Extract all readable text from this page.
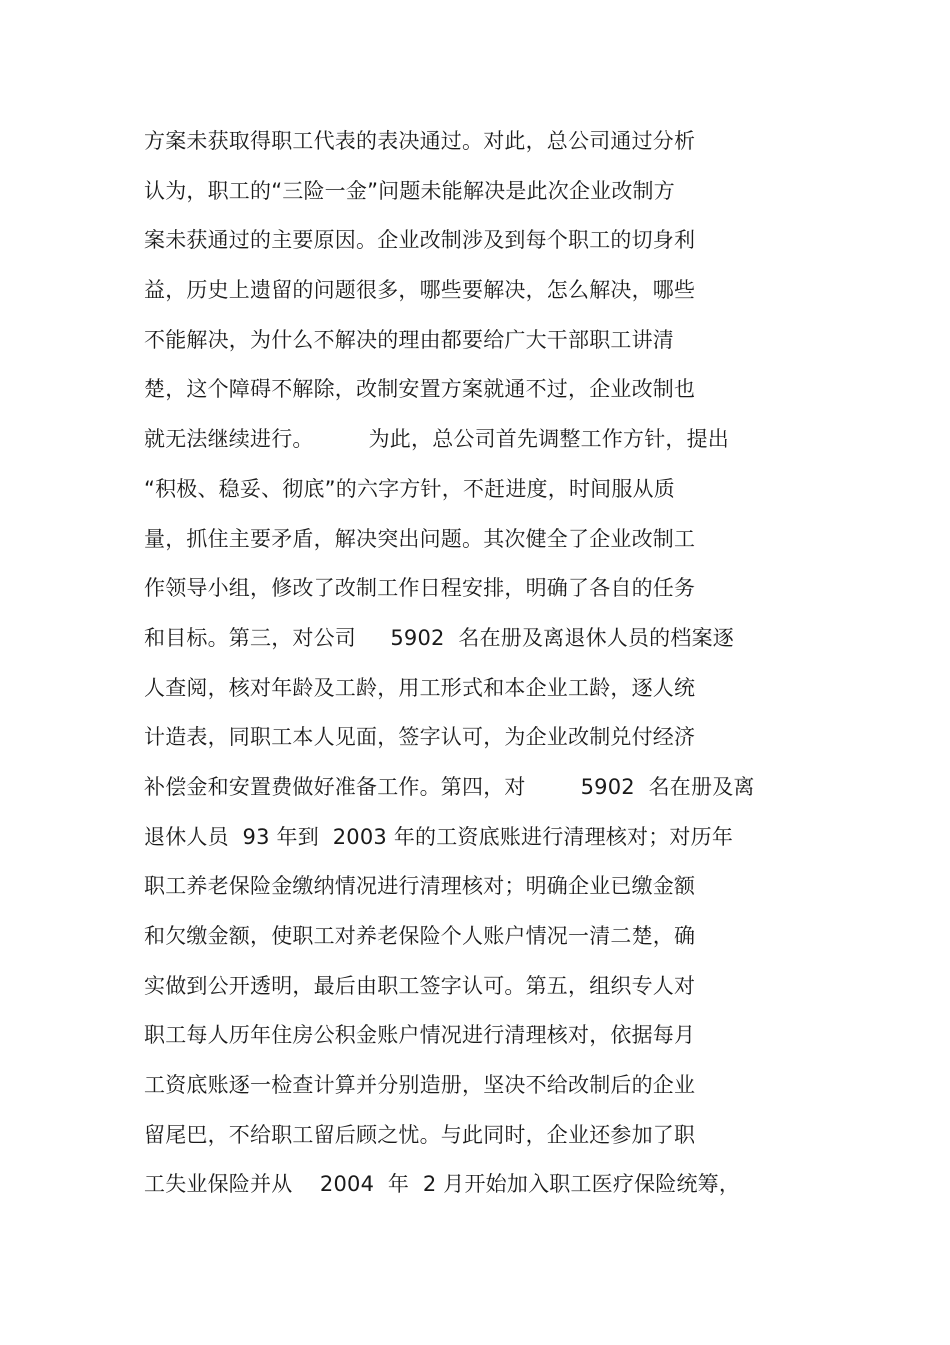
方案未获取得职工代表的表决通过。对此，总公司通过分析
认为，职工的“三险一金”问题未能解决是此次企业改制方
案未获通过的主要原因。企业改制涉及到每个职工的切身利
益，历史上遗留的问题很多，哪些要解决，怎么解决，哪些
不能解决，为什么不解决的理由都要给广大干部职工讲清
楚，这个障碍不解除，改制安置方案就通不过，企业改制也
就无法继续进行。        为此，总公司首先调整工作方针，提出
“积极、稳妥、彻底”的六字方针，不赶进度，时间服从质
量，抓住主要矛盾，解决突出问题。其次健全了企业改制工
作领导小组，修改了改制工作日程安排，明确了各自的任务
和目标。第三，对公司     5902  名在册及离退休人员的档案逐
人查阅，核对年龄及工龄，用工形式和本企业工龄，逐人统
计造表，同职工本人见面，签字认可，为企业改制兑付经济
补偿金和安置费做好准备工作。第四，对        5902  名在册及离
退休人员  93 年到  2003 年的工资底账进行清理核对；对历年
职工养老保险金缴纳情况进行清理核对；明确企业已缴金额
和欠缴金额，使职工对养老保险个人账户情况一清二楚，确
实做到公开透明，最后由职工签字认可。第五，组织专人对
职工每人历年住房公积金账户情况进行清理核对，依据每月
工资底账逐一检查计算并分别造册，坚决不给改制后的企业
留尾巴，不给职工留后顾之忧。与此同时，企业还参加了职
工失业保险并从    2004  年  2 月开始加入职工医疗保险统筹，
